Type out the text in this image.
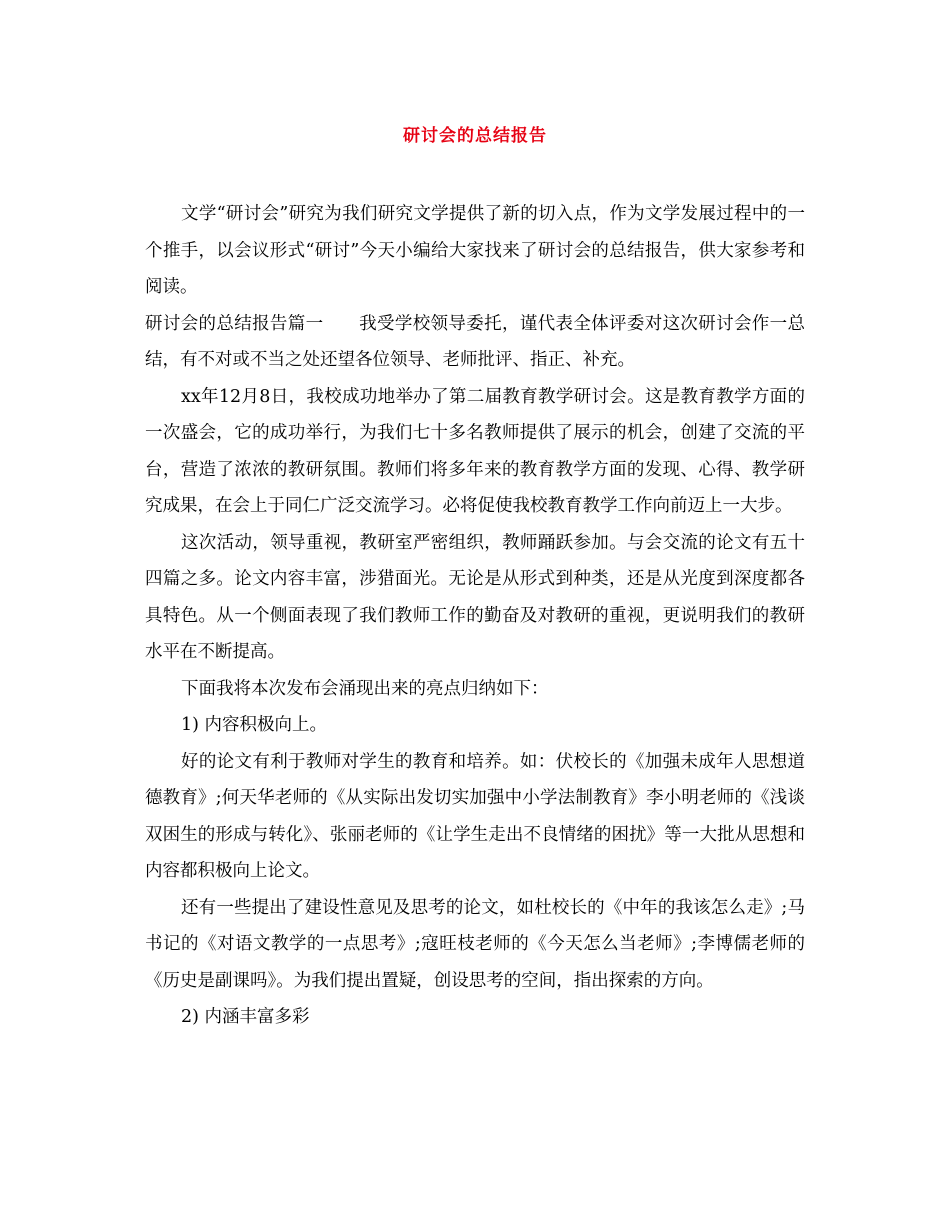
研讨会的总结报告

文学“研讨会”研究为我们研究文学提供了新的切入点，作为文学发展过程中的一个推手，以会议形式“研讨”今天小编给大家找来了研讨会的总结报告，供大家参考和阅读。

研讨会的总结报告篇一　　我受学校领导委托，谨代表全体评委对这次研讨会作一总结，有不对或不当之处还望各位领导、老师批评、指正、补充。

xx年12月8日，我校成功地举办了第二届教育教学研讨会。这是教育教学方面的一次盛会，它的成功举行，为我们七十多名教师提供了展示的机会，创建了交流的平台，营造了浓浓的教研氛围。教师们将多年来的教育教学方面的发现、心得、教学研究成果，在会上于同仁广泛交流学习。必将促使我校教育教学工作向前迈上一大步。

这次活动，领导重视，教研室严密组织，教师踊跃参加。与会交流的论文有五十四篇之多。论文内容丰富，涉猎面光。无论是从形式到种类，还是从光度到深度都各具特色。从一个侧面表现了我们教师工作的勤奋及对教研的重视，更说明我们的教研水平在不断提高。

下面我将本次发布会涌现出来的亮点归纳如下：

1) 内容积极向上。

好的论文有利于教师对学生的教育和培养。如：伏校长的《加强未成年人思想道德教育》;何天华老师的《从实际出发切实加强中小学法制教育》李小明老师的《浅谈双困生的形成与转化》、张丽老师的《让学生走出不良情绪的困扰》等一大批从思想和内容都积极向上论文。

还有一些提出了建设性意见及思考的论文，如杜校长的《中年的我该怎么走》;马书记的《对语文教学的一点思考》;寇旺枝老师的《今天怎么当老师》;李博儒老师的《历史是副课吗》。为我们提出置疑，创设思考的空间，指出探索的方向。

2) 内涵丰富多彩
